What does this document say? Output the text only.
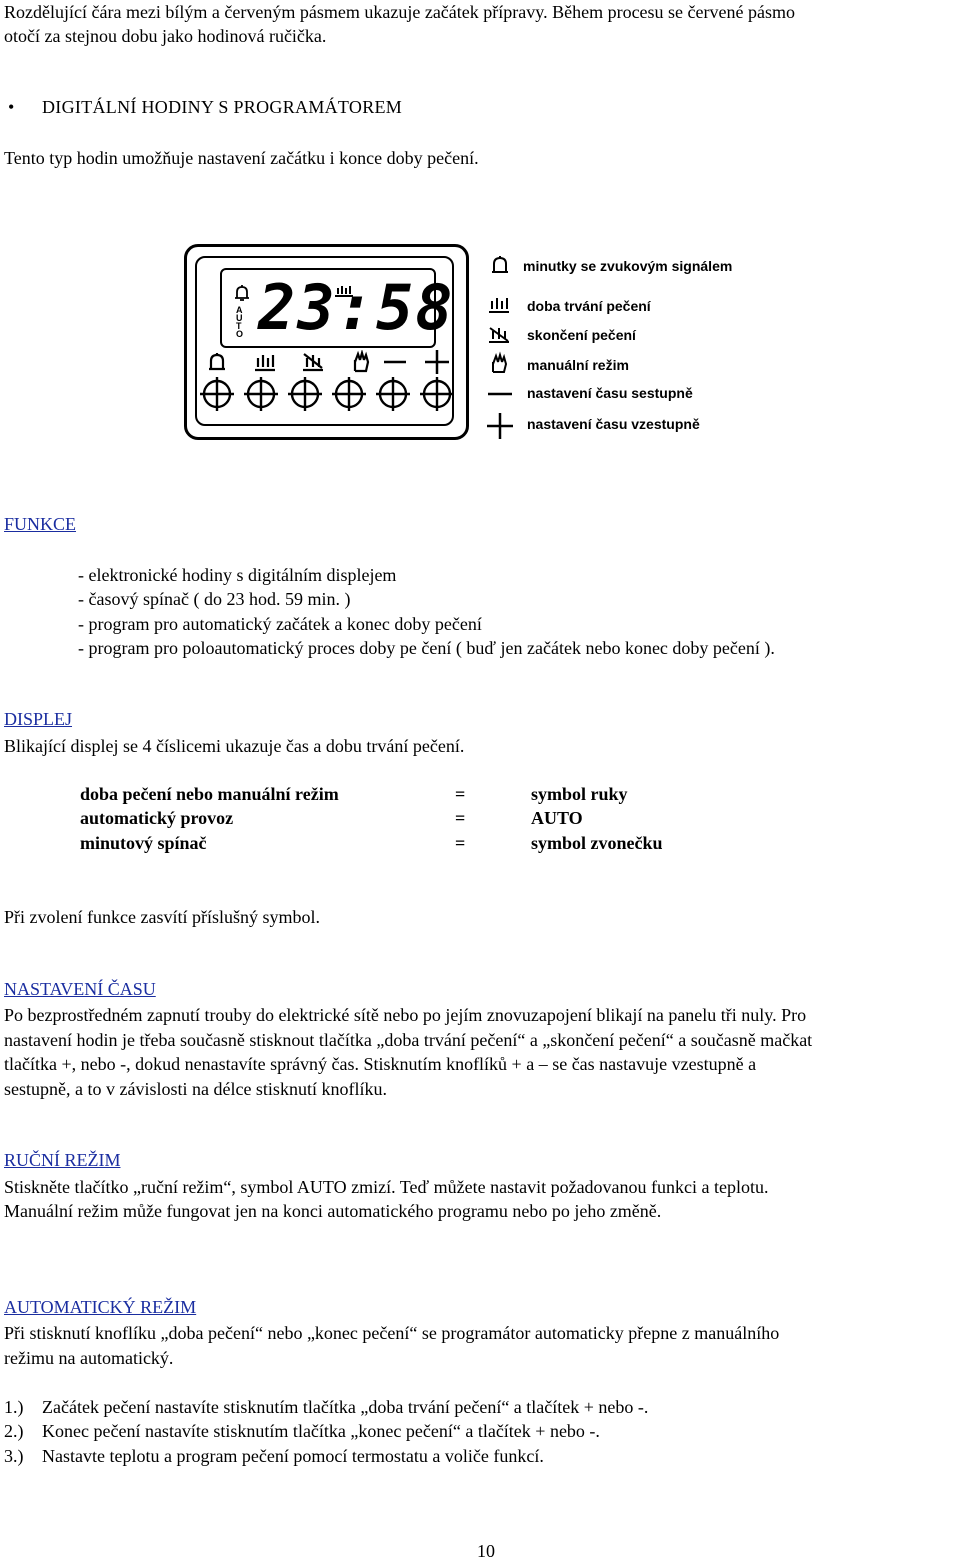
Rozdělující čára mezi bílým a červeným pásmem ukazuje začátek přípravy. Během procesu se červené pásmo
otočí za stejnou dobu jako hodinová ručička.
• DIGITÁLNÍ HODINY S PROGRAMÁTOREM
Tento typ hodin umožňuje nastavení začátku i konce doby pečení.
A
U
T
O 23:58
minutky se zvukovým signálem
doba trvání pečení
skončení pečení
manuální režim
nastavení času sestupně
nastavení času vzestupně
FUNKCE
- elektronické hodiny s digitálním displejem
- časový spínač ( do 23 hod. 59 min. )
- program pro automatický začátek a konec doby pečení
- program pro poloautomatický proces doby pe čení ( buď jen začátek nebo konec doby pečení ).
DISPLEJ
Blikající displej se 4 číslicemi ukazuje čas a dobu trvání pečení.
doba pečení nebo manuální režim	=	symbol ruky
automatický provoz	=	AUTO
minutový spínač	=	symbol zvonečku
Při zvolení funkce zasvítí příslušný symbol.
NASTAVENÍ ČASU
Po bezprostředném zapnutí trouby do elektrické sítě nebo po jejím znovuzapojení blikají na panelu tři nuly. Pro
nastavení hodin je třeba současně stisknout tlačítka „doba trvání pečení“ a „skončení pečení“ a současně mačkat
tlačítka +, nebo -, dokud nenastavíte správný čas. Stisknutím knoflíků + a – se čas nastavuje vzestupně a
sestupně, a to v závislosti na délce stisknutí knoflíku.
RUČNÍ REŽIM
Stiskněte tlačítko „ruční režim“, symbol AUTO zmizí. Teď můžete nastavit požadovanou funkci a teplotu.
Manuální režim může fungovat jen na konci automatického programu nebo po jeho změně.
AUTOMATICKÝ REŽIM
Při stisknutí knoflíku „doba pečení“ nebo „konec pečení“ se programátor automaticky přepne z manuálního
režimu na automatický.
1.) Začátek pečení nastavíte stisknutím tlačítka „doba trvání pečení“ a tlačítek + nebo -.
2.) Konec pečení nastavíte stisknutím tlačítka „konec pečení“ a tlačítek + nebo -.
3.) Nastavte teplotu a program pečení pomocí termostatu a voliče funkcí.
10
